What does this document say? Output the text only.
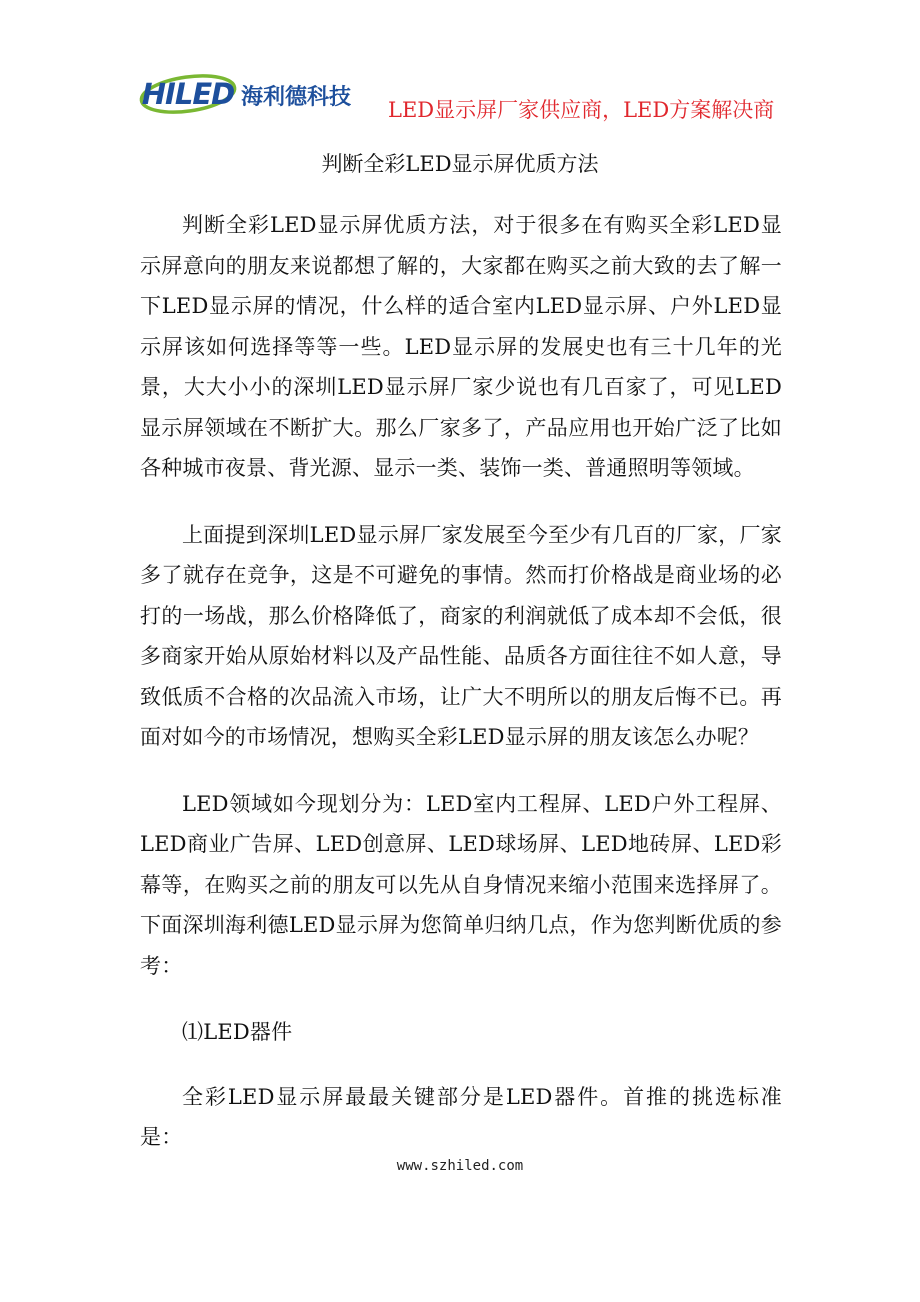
HILED 海利德科技 LED显示屏厂家供应商，LED方案解决商
判断全彩LED显示屏优质方法

判断全彩LED显示屏优质方法，对于很多在有购买全彩LED显示屏意向的朋友来说都想了解的，大家都在购买之前大致的去了解一下LED显示屏的情况，什么样的适合室内LED显示屏、户外LED显示屏该如何选择等等一些。LED显示屏的发展史也有三十几年的光景，大大小小的深圳LED显示屏厂家少说也有几百家了，可见LED显示屏领域在不断扩大。那么厂家多了，产品应用也开始广泛了比如各种城市夜景、背光源、显示一类、装饰一类、普通照明等领域。

上面提到深圳LED显示屏厂家发展至今至少有几百的厂家，厂家多了就存在竞争，这是不可避免的事情。然而打价格战是商业场的必打的一场战，那么价格降低了，商家的利润就低了成本却不会低，很多商家开始从原始材料以及产品性能、品质各方面往往不如人意，导致低质不合格的次品流入市场，让广大不明所以的朋友后悔不已。再面对如今的市场情况，想购买全彩LED显示屏的朋友该怎么办呢？

LED领域如今现划分为：LED室内工程屏、LED户外工程屏、LED商业广告屏、LED创意屏、LED球场屏、LED地砖屏、LED彩幕等，在购买之前的朋友可以先从自身情况来缩小范围来选择屏了。下面深圳海利德LED显示屏为您简单归纳几点，作为您判断优质的参考：

⑴LED器件

全彩LED显示屏最最关键部分是LED器件。首推的挑选标准是：

www.szhiled.com
